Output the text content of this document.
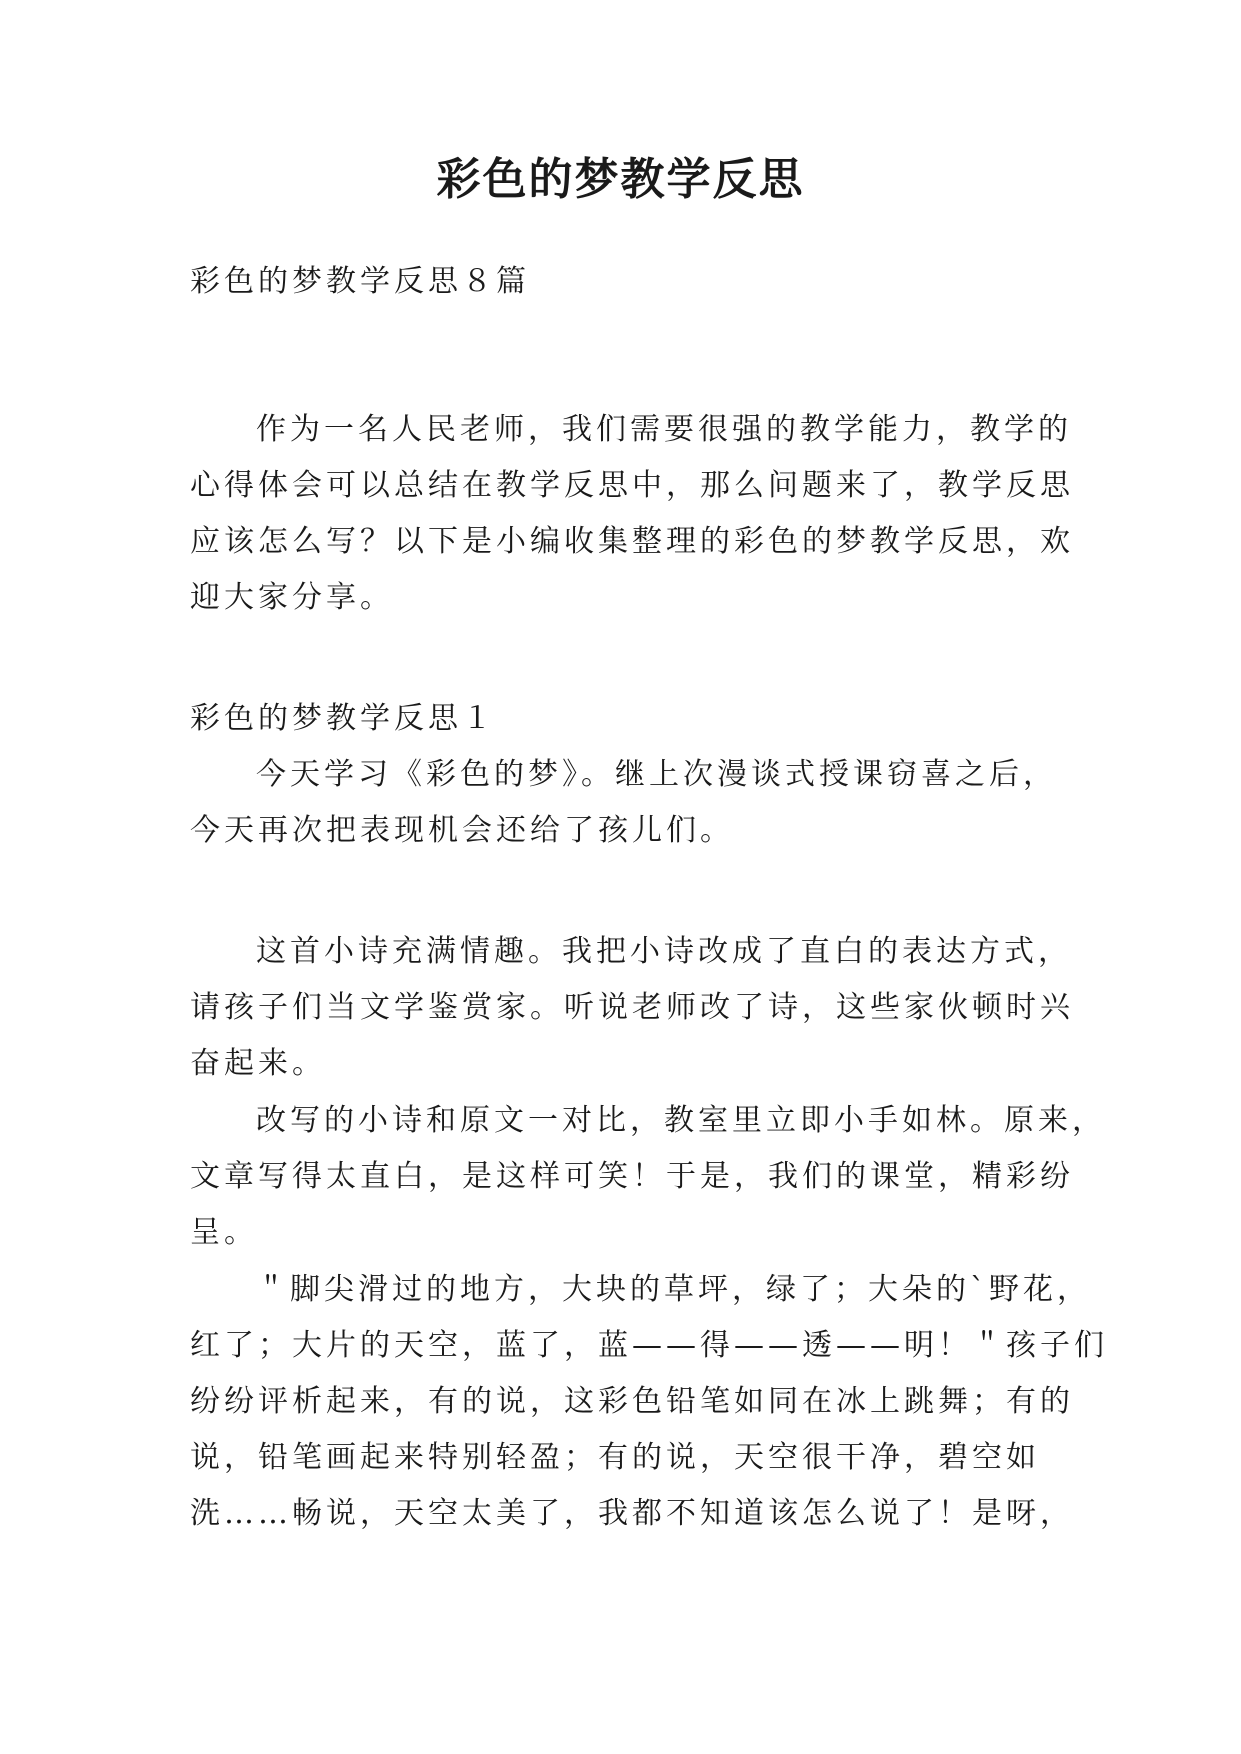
彩色的梦教学反思

彩色的梦教学反思８篇

作为一名人民老师，我们需要很强的教学能力，教学的

心得体会可以总结在教学反思中，那么问题来了，教学反思

应该怎么写？以下是小编收集整理的彩色的梦教学反思，欢

迎大家分享。

彩色的梦教学反思１

今天学习《彩色的梦》。继上次漫谈式授课窃喜之后，

今天再次把表现机会还给了孩儿们。

这首小诗充满情趣。我把小诗改成了直白的表达方式，

请孩子们当文学鉴赏家。听说老师改了诗，这些家伙顿时兴

奋起来。

改写的小诗和原文一对比，教室里立即小手如林。原来，

文章写得太直白，是这样可笑！于是，我们的课堂，精彩纷

呈。

＂脚尖滑过的地方，大块的草坪，绿了；大朵的`野花，

红了；大片的天空，蓝了，蓝——得——透——明！＂孩子们

纷纷评析起来，有的说，这彩色铅笔如同在冰上跳舞；有的

说，铅笔画起来特别轻盈；有的说，天空很干净，碧空如

洗……畅说，天空太美了，我都不知道该怎么说了！是呀，
